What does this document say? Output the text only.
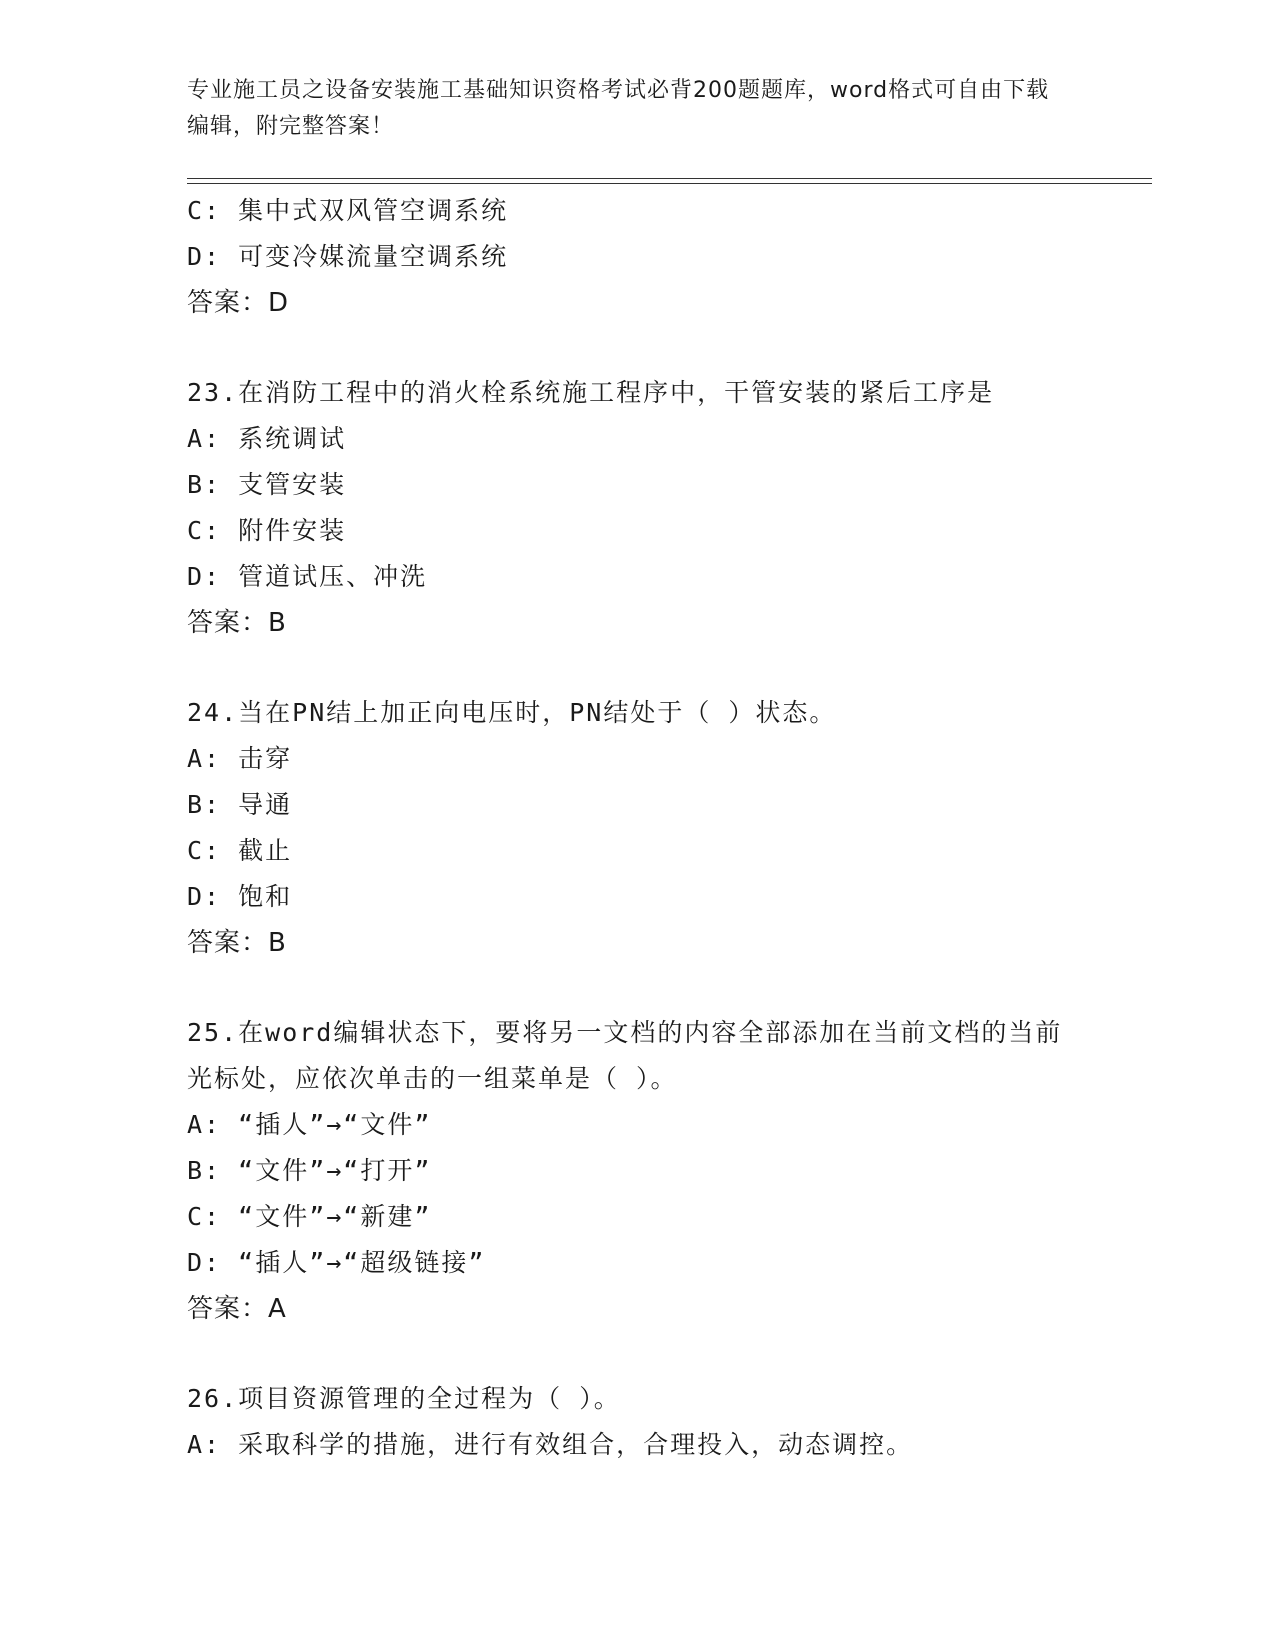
专业施工员之设备安装施工基础知识资格考试必背200题题库，word格式可自由下载编辑，附完整答案！
C: 集中式双风管空调系统
D: 可变冷媒流量空调系统
答案：D
23.在消防工程中的消火栓系统施工程序中，干管安装的紧后工序是
A: 系统调试
B: 支管安装
C: 附件安装
D: 管道试压、冲洗
答案：B
24.当在PN结上加正向电压时，PN结处于（ ）状态。
A: 击穿
B: 导通
C: 截止
D: 饱和
答案：B
25.在word编辑状态下，要将另一文档的内容全部添加在当前文档的当前光标处，应依次单击的一组菜单是（ ）。
A: “插人”→“文件”
B: “文件”→“打开”
C: “文件”→“新建”
D: “插人”→“超级链接”
答案：A
26.项目资源管理的全过程为（ ）。
A: 采取科学的措施，进行有效组合，合理投入，动态调控。
